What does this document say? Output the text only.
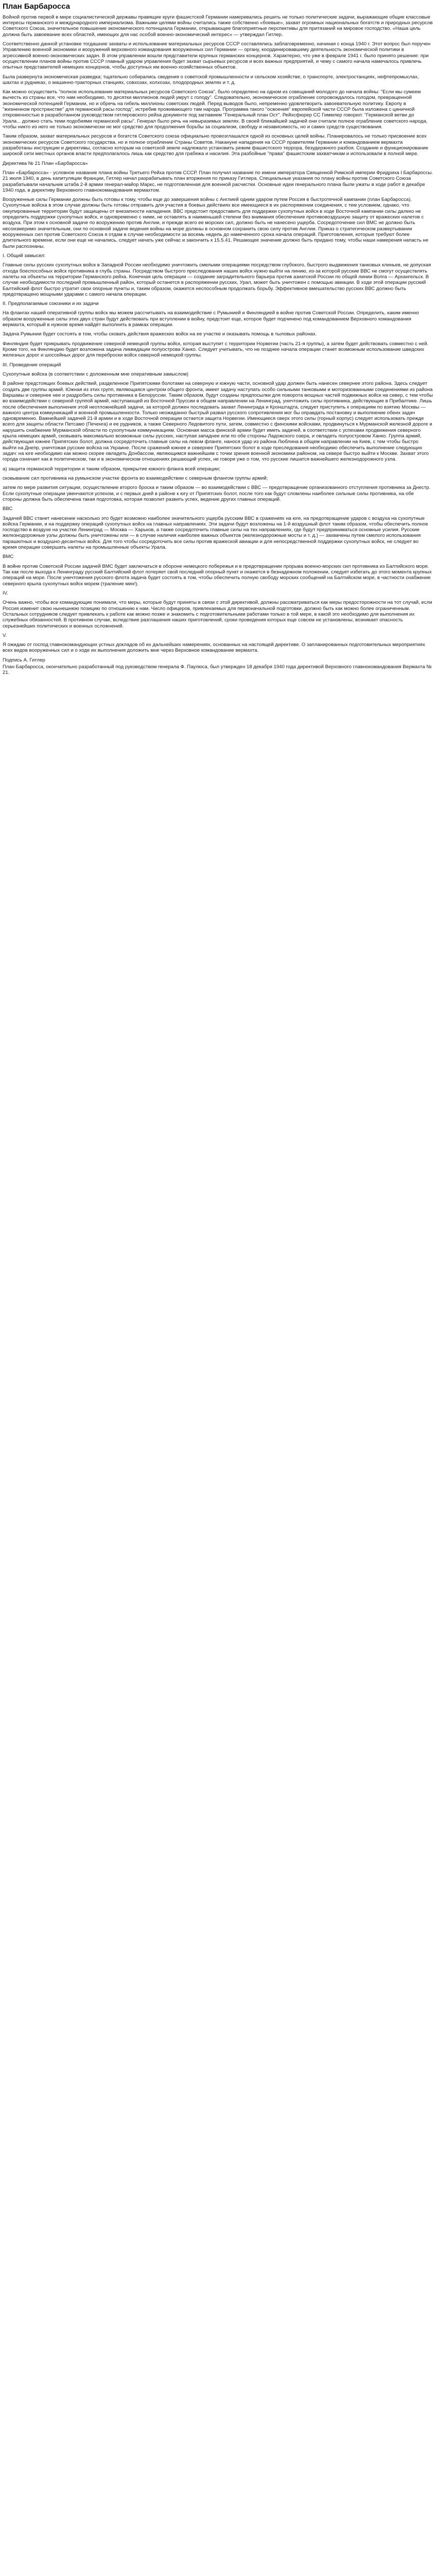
План Барбаросса

Войной против первой в мире социалистической державы правящие круги фашистской Германии намеревались решить не только политические задачи, выражающие общие классовые интересы германского и международного империализма. Важными целями войны считались также собственно «боевые», захват огромных национальных богатств и природных ресурсов Советского Союза, значительное повышение экономического потенциала Германии, открывающее благоприятные перспективы для притязаний на мировое господство. «Наша цель должна быть завоевание всех областей, имеющих для нас особой военно-экономический интерес» — утверждал Гитлер.

Соответственно данной установке тогдашние захваты и использование материальных ресурсов СССР составлялись заблаговременно, начиная с конца 1940 г. Этот вопрос был поручен Управлению военной экономики и вооружений верховного командования вооруженных сил Германии — органу, координировавшему деятельность экономической политики в агрессивной военно-экономических задач. В этом управлении вошли представители крупных германских концернов. Характерно, что уже в феврале 1941 г. было принято решение: при осуществлении планов войны против СССР главный ударом управления будет захват сырьевых ресурсов и всех важных предприятий, и чему с самого начала намечалось привлечь опытных представителей немецких концернов, чтобы доступных им военно-хозяйственных объектов.

Была развернута экономическая разведка; тщательно собирались сведения о советской промышленности и сельском хозяйстве, о транспорте, электростанциях, нефтепромыслах, шахтах и рудниках, о машинно-тракторных станциях, совхозах, колхозах, плодородных землях и т. д.

Как можно осуществить "полное использование материальных ресурсов Советского Союза", было определено на одном из совещаний молодого до начала войны: "Если мы сумеем вычесть из страны все, что нам необходимо, то десятки миллионов людей умрут с голоду". Следовательно, экономическое ограбление сопровождалось голодом, превращенной экономической потенцией Германии, но и обречь на гибель миллионы советских людей. Перед выводов было, непременно удовлетворить завоевательную политику. Европу в "жизненном пространстве" для германской расы господ", истребив проживающего там народа. Программа такого "освоения" европейской части СССР была изложена с циничной откровенностью в разработанном руководством гитлеровского рейха документе под заглавием "Генеральный план Ост". Рейхсфюрер СС Гиммлер говорил: "Германской ветви до Урала... должно стать теми подобиями германской расы". Генерал было речь на невыразимых землях. В своей ближайшей задачей они считали полное ограбление советского народа, чтобы никто из него не только экономически не мог средство для продолжения борьбы за социализм, свободу и независимость, но и самих средств существования.

Таким образом, захват материальных ресурсов и богатств Советского союза официально провозглашался одной из основных целей войны. Планировалось не только присвоение всех экономических ресурсов Советского государства, но и полное ограбление Страны Советов. Накануне нападения на СССР правителям Германии и командованием вермахта разработаны инструкции и директивы, согласно которым на советской земле надлежало установить режим фашистского террора, безудержного разбоя. Создание и функционирование широкой сети местных органов власти предполагалось лишь как средство для грабежа и насилия. Эта разбойные "права" фашистским захватчикам и использовали в полной мере.

Директива № 21 План «Барбаросса»

План «Барбаросса» - условное название плана войны Третьего Рейха против СССР. План получил название по имени императора Священной Римской империи Фридриха I Барбароссы. 21 июля 1940, в день капитуляции Франции, Гитлер начал разрабатывать план вторжения по приказу Гитлера. Специальные указания по плану войны против Советского Союза разрабатывали начальник штаба 2-й армии генерал-майор Маркс, не подготовленная для военной расчистки. Основные идеи генерального плана были ужаты в ходе работ в декабре 1940 года, в директиву Верховного главнокомандования вермахтом.

Вооруженные силы Германии должны быть готовы к тому, чтобы еще до завершения войны с Англией одним ударом путем Россия в быстротечной кампании (план Барбаросса). Сухопутные войска в этом случае должны быть готовы отправить для участия в боевых действиях все имеющиеся в их распоряжении соединения, с тем условием, однако, что оккупированные территории будут защищены от внезапности нападения. ВВС предстоит предоставить для поддержки сухопутных войск в ходе Восточной кампании силы далеко не определить поддержки сухопутных войск, и одновременно с ними, не оставлять в наименьшей степени без внимания обеспечение противовоздушную защиту от вражеских налетов с воздуха. При этом к основной задаче по вооружению против Англии, и прежде всего ее морских сил, должно быть не нанесено ущерба. Сосредоточение сил ВМС не должно быть несоизмеримо значительным, они по основной задаче ведения войны на море должны в основном сохранить свою силу против Англии. Приказ о стратегическом развертывании вооруженных сил против Советского Союза я отдам в случае необходимости за восемь недель до намеченного срока начала операций. Приготовления, которые требуют более длительного времени, если они еще не начались, следует начать уже сейчас и закончить к 15.5.41. Решающее значение должно быть придано тому, чтобы наши намерения напасть не были распознаны.

I. Общий замысел:

Главные силы русских сухопутных войск в Западной России необходимо уничтожить смелыми операциями посредством глубокого, быстрого выдвижения танковых клиньев, не допуская отхода боеспособных войск противника в глубь страны. Посредством быстрого преследования наших войск нужно выйти на линию, из-за которой русские ВВС не смогут осуществлять налеты на объекты на территории Германского рейха. Конечная цель операции — создание заградительного барьера против азиатской России по общей линии Волга — Архангельск. В случае необходимости последний промышленный район, который останется в распоряжении русских, Урал, может быть уничтожен с помощью авиации. В ходе этой операции русский Балтийский флот быстро утратит свои опорные пункты и, таким образом, окажется неспособным продолжать борьбу. Эффективное вмешательство русских ВВС должно быть предотвращено мощными ударами с самого начала операции.

II. Предполагаемые союзники и их задачи

На флангах нашей оперативной группы войск мы можем рассчитывать на взаимодействие с Румынией и Финляндией в войне против Советской России. Определить, каким именно образом вооруженные силы этих двух стран будут действовать при вступлении в войну, предстоит еще, которое будет подчинено под командованием Верховного командования вермахта, который в нужное время найдёт выполнить в рамках операции.

Задача Румынии будет состоять в том, чтобы сковать действия вражеских войск на ее участке и оказывать помощь в тыловых районах.

Финляндия будет прикрывать продвижение северной немецкой группы войск, которая выступит с территории Норвегии (часть 21-я группы), а затем будет действовать совместно с ней. Кроме того, на Финляндию будет возложена задача ликвидации полуострова Ханко. Следует учитывать, что не позднее начала операции станет возможным использование шведских железных дорог и шоссейных дорог для переброски войск северной немецкой группы.

III. Проведение операций

Сухопутные войска (в соответствии с доложенным мне оперативным замыслом)

В районе предстоящих боевых действий, разделенное Припятскими болотами на северную и южную части, основной удар должен быть нанесен севернее этого района. Здесь следует создать две группы армий. Южная из этих групп, являющаяся центром общего фронта, имеет задачу наступать особо сильными танковыми и моторизованными соединениями из района Варшавы и севернее нее и раздробить силы противника в Белоруссии. Таким образом, будут созданы предпосылки для поворота мощных частей подвижных войск на север, с тем чтобы во взаимодействии с северной группой армий, наступающей из Восточной Пруссии в общем направлении на Ленинград, уничтожить силы противника, действующие в Прибалтике. Лишь после обеспечения выполнения этой неотложнейшей задачи, за которой должен последовать захват Ленинграда и Кронштадта, следует приступить к операциям по взятию Москвы — важного центра коммуникаций и военной промышленности. Только неожиданно быстрый развал русского сопротивления мог бы оправдать постановку и выполнение обеих задач одновременно. Важнейшей задачей 21-й армии и в ходе Восточной операции остается защита Норвегии. Имеющиеся сверх этого силы (горный корпус) следует использовать прежде всего для защиты области Петсамо (Печенга) и ее рудников, а также Северного Ледовитого пути, затем, совместно с финскими войсками, продвинуться к Мурманской железной дороге и нарушить снабжение Мурманской области по сухопутным коммуникациям. Основная масса финской армии будет иметь задачей, в соответствии с успехами продвижения северного крыла немецких армий, сковывать максимально возможные силы русских, наступая западнее или по обе стороны Ладожского озера, и овладеть полуостровом Ханко. Группа армий, действующая южнее Припятских болот, должна сосредоточить главные силы на левом фланге, нанося удар из района Люблина в общем направлении на Киев, с тем чтобы быстро выйти на Днепр, уничтожая русские войска на Украине. После сражений южнее и севернее Припятских болот в ходе преследования необходимо обеспечить выполнение следующих задач: на юге необходимо как можно скорее овладеть Донбассом, являющимся важнейшим с точки зрения военной экономики районом, на севере быстро выйти к Москве. Захват этого города означает как в политическом, так и в экономическом отношениях решающий успех, не говоря уже о том, что русские лишатся важнейшего железнодорожного узла.

а) защита германской территории и таким образом, прикрытие южного фланга всей операции;

сковывание сил противника на румынском участке фронта во взаимодействии с северным флангом группы армий;

затем по мере развития ситуации, осуществление второго броска и таким образом — во взаимодействии с ВВС — предотвращение организованного отступления противника за Днестр. Если сухопутные операции увенчаются успехом, и с первых дней в районе к югу от Припятских болот, после того как будут сломлены наиболее сильные силы противника, на обе стороны должна быть обеспечена такая подготовка, которая позволит развить успех, ведение других главных операций.

ВВС

Задачей ВВС станет нанесение насколько это будет возможно наиболее значительного ущерба русским ВВС в сражениях на юге, на предотвращение ударов с воздуха на сухопутные войска Германии, и на поддержку операций сухопутных войск на главных направлениях. Эти задачи будут возложены на 1-й воздушный флот таким образом, чтобы обеспечить полное господство в воздухе на участке Ленинград — Москва — Харьков, а также сосредоточить главные силы на тех направлениях, где будут предприниматься основные усилия. Русские железнодорожные узлы должны быть уничтожены или — в случае наличия наиболее важных объектов (железнодорожные мосты и т. д.) — захвачены путем смелого использования парашютных и воздушно-десантных войск. Для того чтобы сосредоточить все силы против вражеской авиации и для непосредственной поддержки сухопутных войск, не следует во время операции совершать налеты на промышленные объекты Урала.

ВМС

В войне против Советской России задачей ВМС будет заключаться в обороне немецкого побережья и в предотвращении прорыва военно-морских сил противника из Балтийского моря. Так как после выхода к Ленинграду русский Балтийский флот потеряет свой последний опорный пункт и окажется в безнадежном положении, следует избегать до этого момента крупных операций на море. После уничтожения русского флота задача будет состоять в том, чтобы обеспечить полную свободу морских сообщений на Балтийском море, в частности снабжение северного крыла сухопутных войск морем (траление мин!).

IV.

Очень важно, чтобы все командующие понимали, что меры, которые будут приняты в связи с этой директивой, должны рассматриваться как меры предосторожности на тот случай, если Россия изменит свою нынешнюю позицию по отношению к нам. Число офицеров, привлекаемых для первоначальной подготовки, должно быть как можно более ограниченным. Остальных сотрудников следует привлекать к работе как можно позже и знакомить с подготовительными работами только в той мере, в какой это необходимо для выполнения их служебных обязанностей. В противном случае, вследствие разглашения наших приготовлений, сроки проведения которых еще совсем не установлены, возникает опасность серьезнейших политических и военных осложнений.

V.

Я ожидаю от господ главнокомандующих устных докладов об их дальнейших намерениях, основанных на настоящей директиве. О запланированных подготовительных мероприятиях всех видов вооруженных сил и о ходе их выполнения доложить мне через Верховное командование вермахта.

Подпись А. Гитлер

План Барбаросса, окончательно разработанный под руководством генерала Ф. Паулюса, был утвержден 18 декабря 1940 года директивой Верховного главнокомандования Вермахта № 21.
